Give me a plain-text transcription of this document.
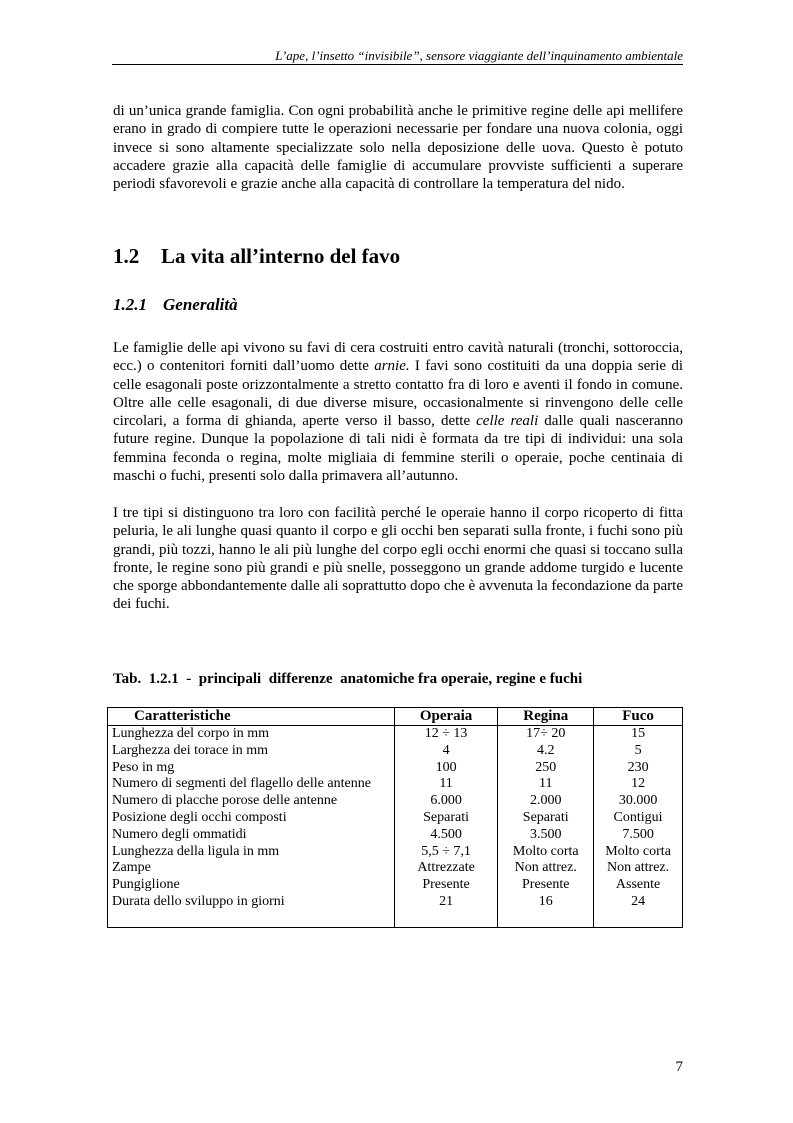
L’ape, l’insetto “invisibile”, sensore viaggiante dell’inquinamento ambientale

di un’unica grande famiglia. Con ogni probabilità anche le primitive regine delle api mellifere erano in grado di compiere tutte le operazioni necessarie per fondare una nuova colonia, oggi invece si sono altamente specializzate solo nella deposizione delle uova. Questo è potuto accadere grazie alla capacità delle famiglie di accumulare provviste sufficienti a superare periodi sfavorevoli e grazie anche alla capacità di controllare la temperatura del nido.

1.2 La vita all’interno del favo
1.2.1 Generalità

Le famiglie delle api vivono su favi di cera costruiti entro cavità naturali (tronchi, sottoroccia, ecc.) o contenitori forniti dall’uomo dette arnie. I favi sono costituiti da una doppia serie di celle esagonali poste orizzontalmente a stretto contatto fra di loro e aventi il fondo in comune. Oltre alle celle esagonali, di due diverse misure, occasionalmente si rinvengono delle celle circolari, a forma di ghianda, aperte verso il basso, dette celle reali dalle quali nasceranno future regine. Dunque la popolazione di tali nidi è formata da tre tipi di individui: una sola femmina feconda o regina, molte migliaia di femmine sterili o operaie, poche centinaia di maschi o fuchi, presenti solo dalla primavera all’autunno.

I tre tipi si distinguono tra loro con facilità perché le operaie hanno il corpo ricoperto di fitta peluria, le ali lunghe quasi quanto il corpo e gli occhi ben separati sulla fronte, i fuchi sono più grandi, più tozzi, hanno le ali più lunghe del corpo egli occhi enormi che quasi si toccano sulla fronte, le regine sono più grandi e più snelle, posseggono un grande addome turgido e lucente che sporge abbondantemente dalle ali soprattutto dopo che è avvenuta la fecondazione da parte dei fuchi.

Tab.  1.2.1  -  principali  differenze  anatomiche fra operaie, regine e fuchi

Caratteristiche	Operaia	Regina	Fuco
Lunghezza del corpo in mm	12 ÷ 13	17÷ 20	15
Larghezza dei torace in mm	4	4.2	5
Peso in mg	100	250	230
Numero di segmenti del flagello delle antenne	11	11	12
Numero di placche porose delle antenne	6.000	2.000	30.000
Posizione degli occhi composti	Separati	Separati	Contigui
Numero degli ommatidi	4.500	3.500	7.500
Lunghezza della ligula in mm	5,5 ÷ 7,1	Molto corta	Molto corta
Zampe	Attrezzate	Non attrez.	Non attrez.
Pungiglione	Presente	Presente	Assente
Durata dello sviluppo in giorni	21	16	24

7
